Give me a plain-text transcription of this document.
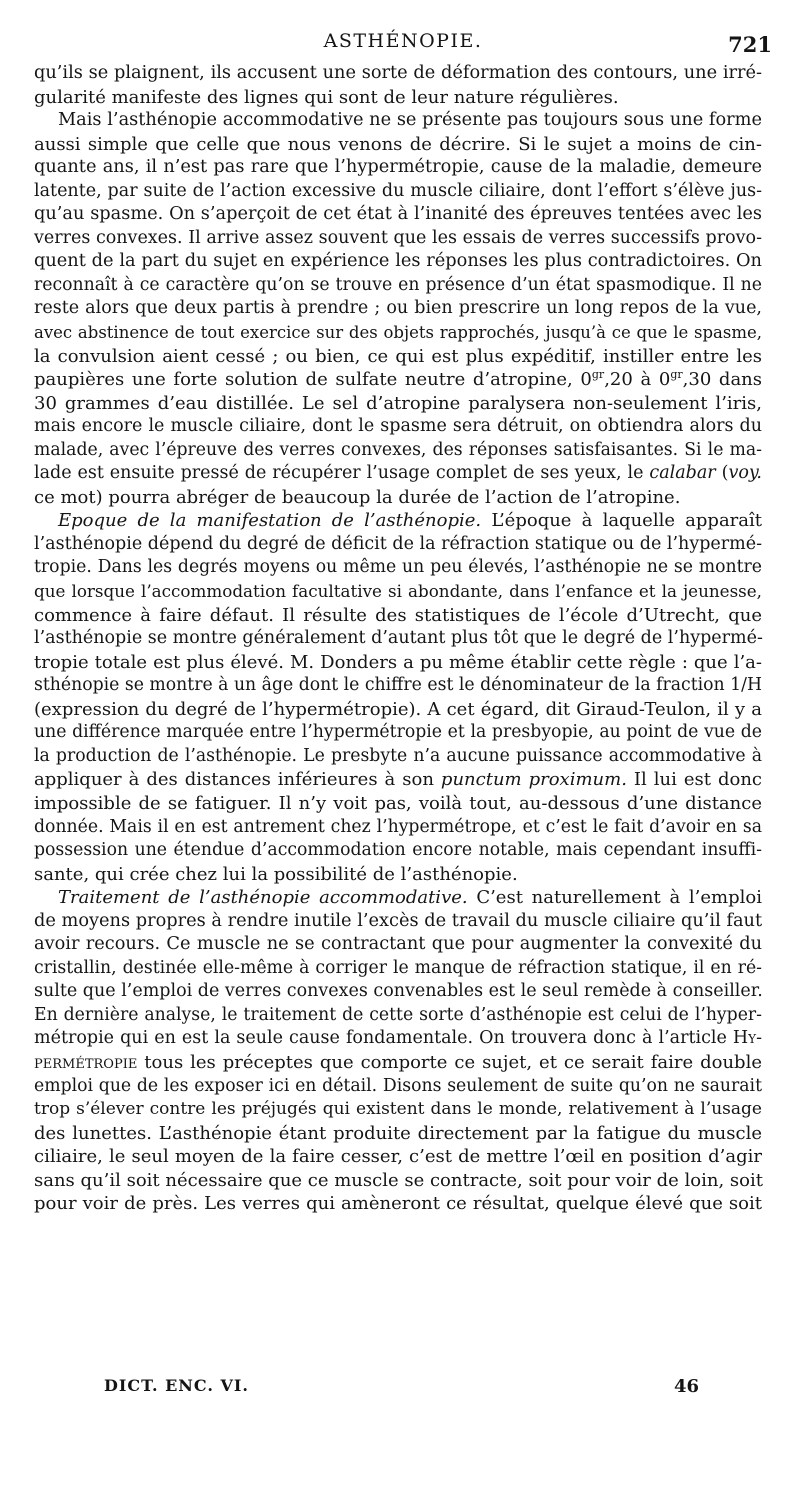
ASTHÉNOPIE.	721
qu’ils se plaignent, ils accusent une sorte de déformation des contours, une irré-
gularité manifeste des lignes qui sont de leur nature régulières.
Mais l’asthénopie accommodative ne se présente pas toujours sous une forme
aussi simple que celle que nous venons de décrire. Si le sujet a moins de cin-
quante ans, il n’est pas rare que l’hypermétropie, cause de la maladie, demeure
latente, par suite de l’action excessive du muscle ciliaire, dont l’effort s’élève jus-
qu’au spasme. On s’aperçoit de cet état à l’inanité des épreuves tentées avec les
verres convexes. Il arrive assez souvent que les essais de verres successifs provo-
quent de la part du sujet en expérience les réponses les plus contradictoires. On
reconnaît à ce caractère qu’on se trouve en présence d’un état spasmodique. Il ne
reste alors que deux partis à prendre ; ou bien prescrire un long repos de la vue,
avec abstinence de tout exercice sur des objets rapprochés, jusqu’à ce que le spasme,
la convulsion aient cessé ; ou bien, ce qui est plus expéditif, instiller entre les
paupières une forte solution de sulfate neutre d’atropine, $0^{gr},20$ à $0^{gr},30$ dans
30 grammes d’eau distillée. Le sel d’atropine paralysera non-seulement l’iris,
mais encore le muscle ciliaire, dont le spasme sera détruit, on obtiendra alors du
malade, avec l’épreuve des verres convexes, des réponses satisfaisantes. Si le ma-
lade est ensuite pressé de récupérer l’usage complet de ses yeux, le calabar (voy.
ce mot) pourra abréger de beaucoup la durée de l’action de l’atropine.
Epoque de la manifestation de l’asthénopie. L’époque à laquelle apparaît
l’asthénopie dépend du degré de déficit de la réfraction statique ou de l’hypermé-
tropie. Dans les degrés moyens ou même un peu élevés, l’asthénopie ne se montre
que lorsque l’accommodation facultative si abondante, dans l’enfance et la jeunesse,
commence à faire défaut. Il résulte des statistiques de l’école d’Utrecht, que
l’asthénopie se montre généralement d’autant plus tôt que le degré de l’hypermé-
tropie totale est plus élevé. M. Donders a pu même établir cette règle : que l’a-
sthénopie se montre à un âge dont le chiffre est le dénominateur de la fraction 1/H
(expression du degré de l’hypermétropie). A cet égard, dit Giraud-Teulon, il y a
une différence marquée entre l’hypermétropie et la presbyopie, au point de vue de
la production de l’asthénopie. Le presbyte n’a aucune puissance accommodative à
appliquer à des distances inférieures à son punctum proximum. Il lui est donc
impossible de se fatiguer. Il n’y voit pas, voilà tout, au-dessous d’une distance
donnée. Mais il en est antrement chez l’hypermétrope, et c’est le fait d’avoir en sa
possession une étendue d’accommodation encore notable, mais cependant insuffi-
sante, qui crée chez lui la possibilité de l’asthénopie.
Traitement de l’asthénopie accommodative. C’est naturellement à l’emploi
de moyens propres à rendre inutile l’excès de travail du muscle ciliaire qu’il faut
avoir recours. Ce muscle ne se contractant que pour augmenter la convexité du
cristallin, destinée elle-même à corriger le manque de réfraction statique, il en ré-
sulte que l’emploi de verres convexes convenables est le seul remède à conseiller.
En dernière analyse, le traitement de cette sorte d’asthénopie est celui de l’hyper-
métropie qui en est la seule cause fondamentale. On trouvera donc à l’article Hy-
permétropie tous les préceptes que comporte ce sujet, et ce serait faire double
emploi que de les exposer ici en détail. Disons seulement de suite qu’on ne saurait
trop s’élever contre les préjugés qui existent dans le monde, relativement à l’usage
des lunettes. L’asthénopie étant produite directement par la fatigue du muscle
ciliaire, le seul moyen de la faire cesser, c’est de mettre l’œil en position d’agir
sans qu’il soit nécessaire que ce muscle se contracte, soit pour voir de loin, soit
pour voir de près. Les verres qui amèneront ce résultat, quelque élevé que soit
DICT. ENC. VI.	46
